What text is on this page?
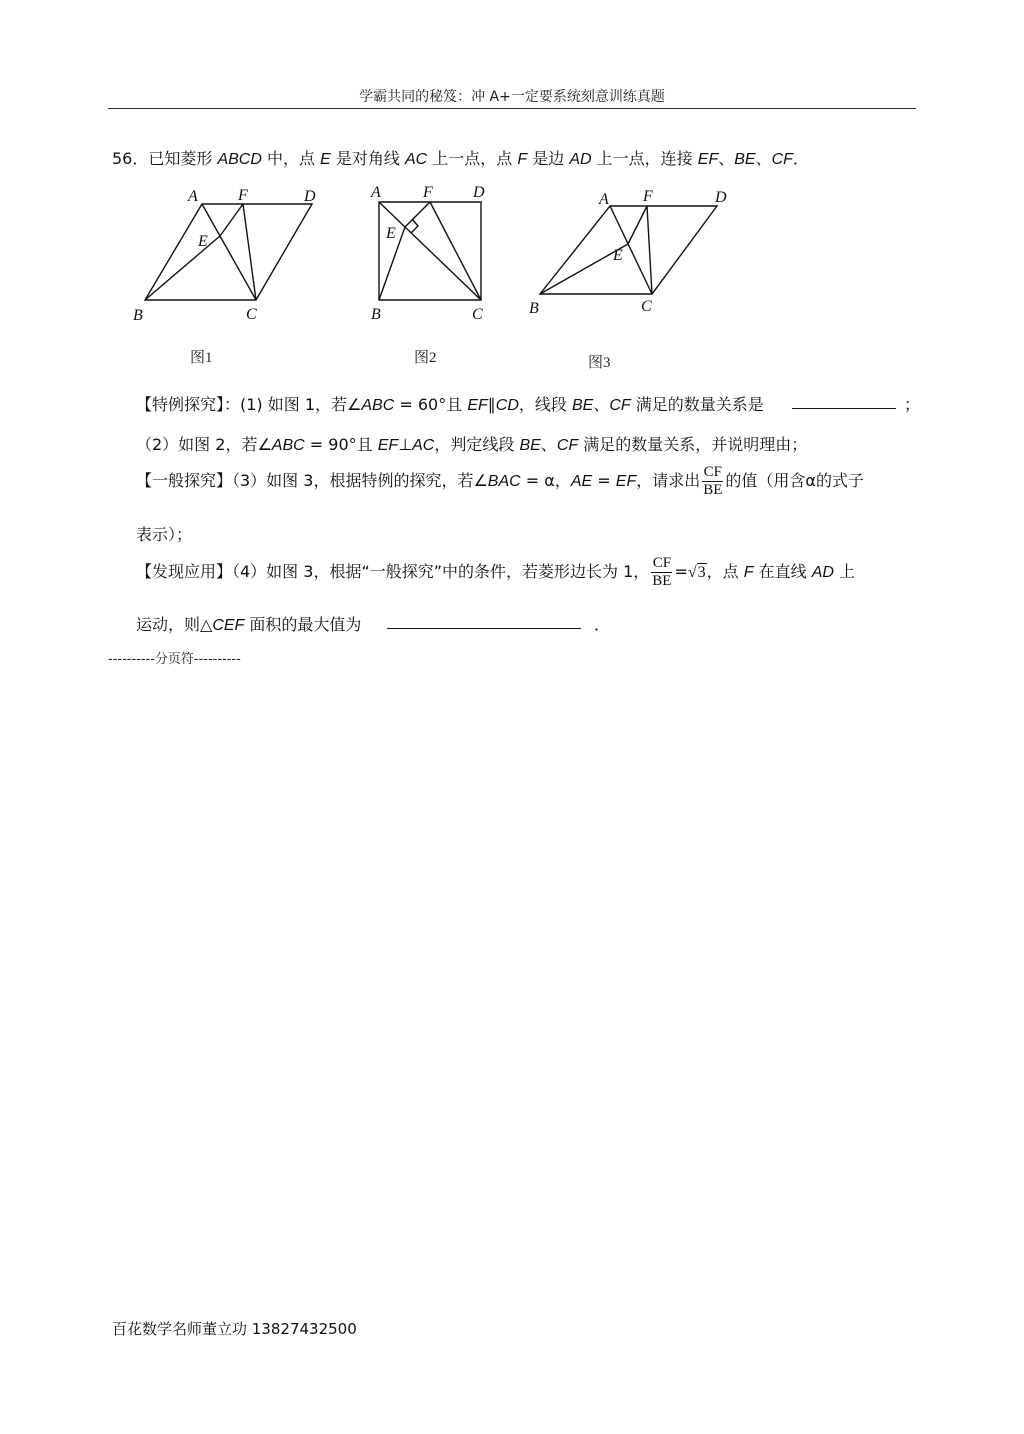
学霸共同的秘笈：冲 A+一定要系统刻意训练真题
56．已知菱形 ABCD 中，点 E 是对角线 AC 上一点，点 F 是边 AD 上一点，连接 EF、BE、CF．
A	F	D
E
B	C
图1
A	F	D
E
B	C
图2
A F	D
E
B	C
图3
【特例探究】：(1) 如图 1，若∠ABC = 60°且 EF∥CD，线段 BE、CF 满足的数量关系是	；
（2）如图 2，若∠ABC = 90°且 EF⊥AC，判定线段 BE、CF 满足的数量关系，并说明理由；
【一般探究】（3）如图 3，根据特例的探究，若∠BAC = α，AE = EF，请求出 $\frac{CF}{BE}$ 的值（用含α的式子
表示）；
【发现应用】（4）如图 3，根据“一般探究”中的条件，若菱形边长为 1， $\frac{CF}{BE} =√3$，点 F 在直线 AD 上
运动，则△CEF 面积的最大值为	．
----------分页符----------
百花数学名师董立功 13827432500
